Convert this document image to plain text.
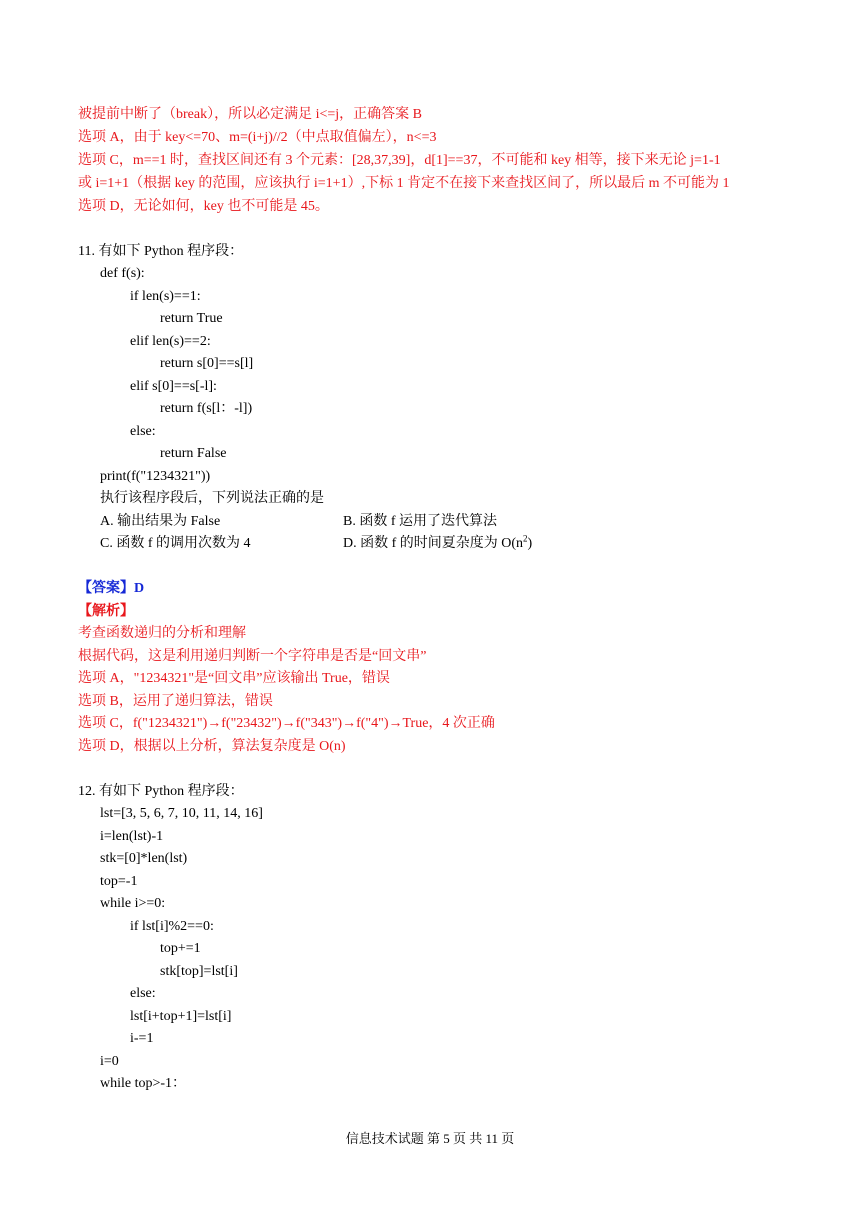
被提前中断了（break），所以必定满足 i<=j，正确答案 B
选项 A，由于 key<=70、m=(i+j)//2（中点取值偏左），n<=3
选项 C，m==1 时，查找区间还有 3 个元素：[28,37,39]，d[1]==37，不可能和 key 相等，接下来无论 j=1-1
或 i=1+1（根据 key 的范围，应该执行 i=1+1）,下标 1 肯定不在接下来查找区间了，所以最后 m 不可能为 1
选项 D，无论如何，key 也不可能是 45。
11. 有如下 Python 程序段：
def f(s):
if len(s)==1:
return True
elif len(s)==2:
return s[0]==s[l]
elif s[0]==s[-l]:
return f(s[l：-l])
else:
return False
print(f("1234321"))
执行该程序段后，下列说法正确的是
A. 输出结果为 False	B. 函数 f 运用了迭代算法
C. 函数 f 的调用次数为 4	D. 函数 f 的时间夏杂度为 $O(n^2)$
【答案】D
【解析】
考查函数递归的分析和理解
根据代码，这是利用递归判断一个字符串是否是“回文串”
选项 A，"1234321"是“回文串”应该输出 True，错误
选项 B，运用了递归算法，错误
选项 C，f("1234321")→f("23432")→f("343")→f("4")→True，4 次正确
选项 D，根据以上分析，算法复杂度是 O(n)
12. 有如下 Python 程序段：
lst=[3, 5, 6, 7, 10, 11, 14, 16]
i=len(lst)-1
stk=[0]*len(lst)
top=-1
while i>=0:
if lst[i]%2==0:
top+=1
stk[top]=lst[i]
else:
lst[i+top+1]=lst[i]
i-=1
i=0
while top>-1：
信息技术试题 第 5 页 共 11 页
